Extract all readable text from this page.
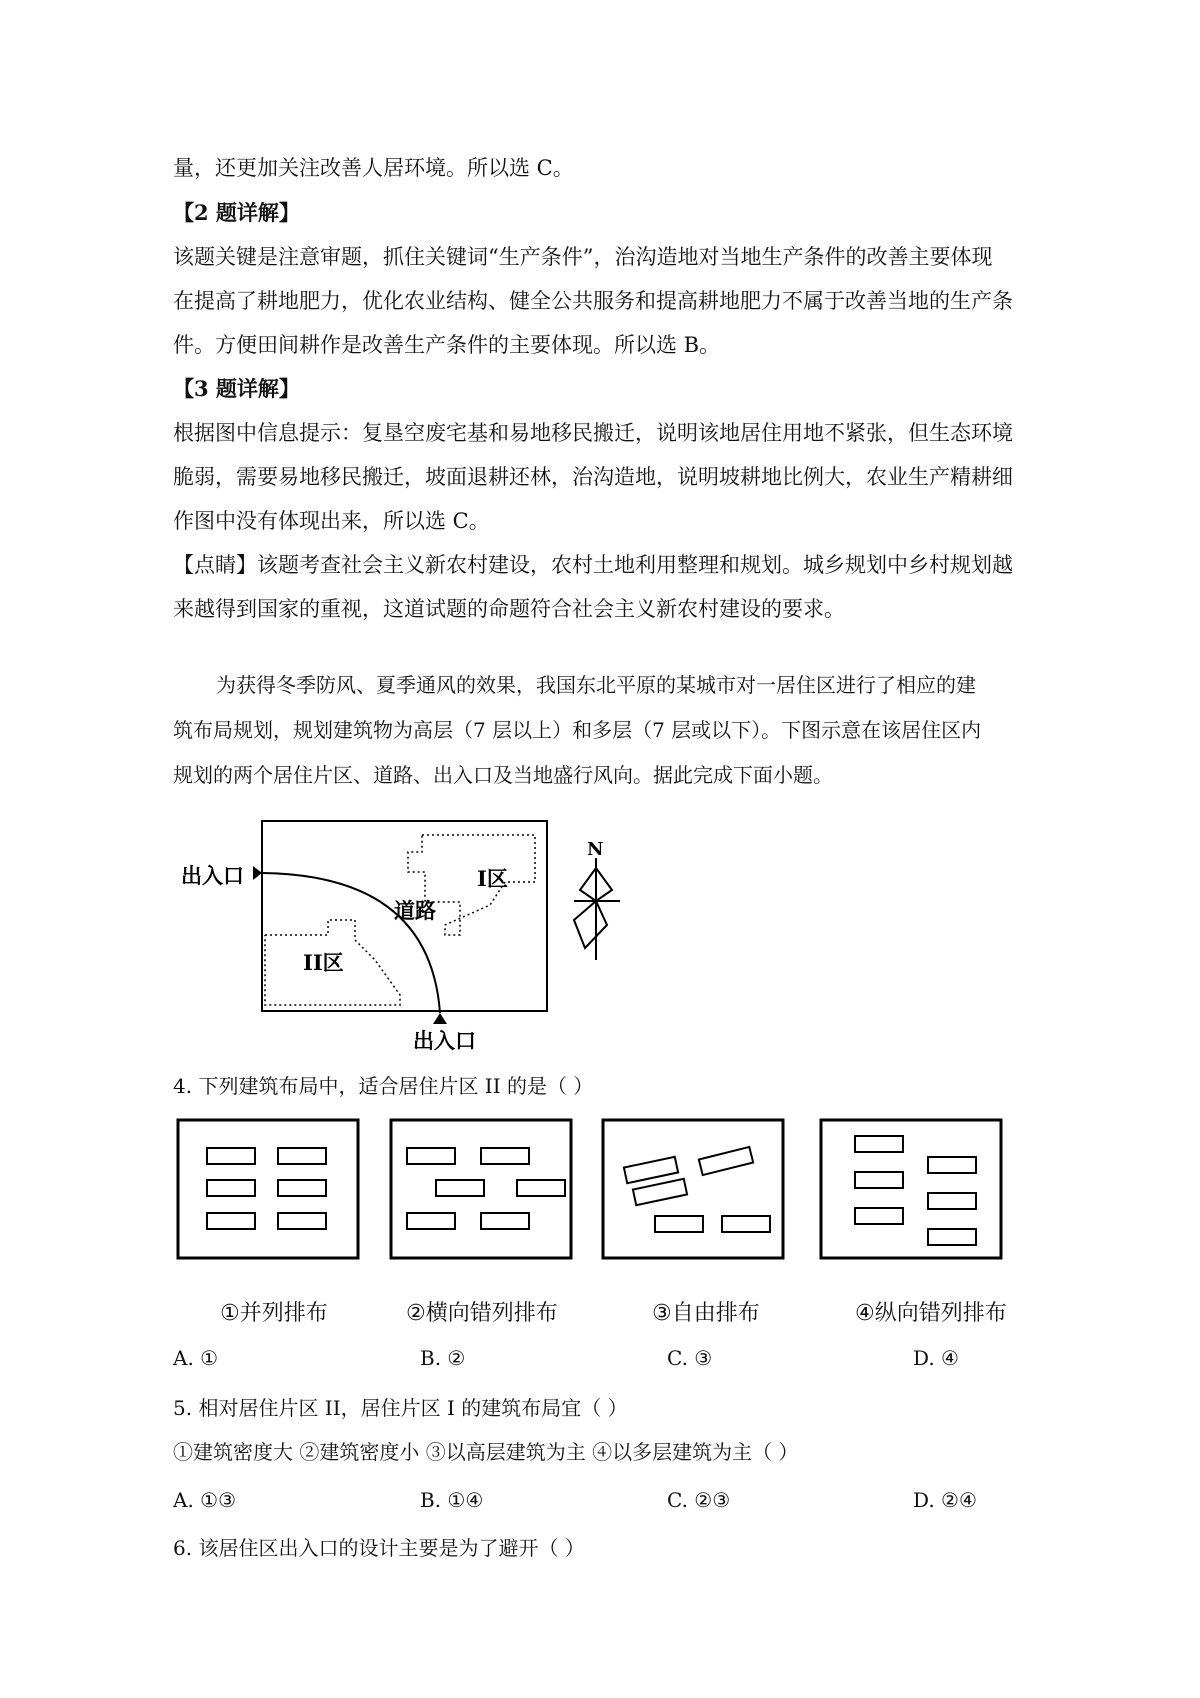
量，还更加关注改善人居环境。所以选 C。
【2 题详解】
该题关键是注意审题，抓住关键词“生产条件”，治沟造地对当地生产条件的改善主要体现
在提高了耕地肥力，优化农业结构、健全公共服务和提高耕地肥力不属于改善当地的生产条
件。方便田间耕作是改善生产条件的主要体现。所以选 B。
【3 题详解】
根据图中信息提示：复垦空废宅基和易地移民搬迁，说明该地居住用地不紧张，但生态环境
脆弱，需要易地移民搬迁，坡面退耕还林，治沟造地，说明坡耕地比例大，农业生产精耕细
作图中没有体现出来，所以选 C。
【点睛】该题考查社会主义新农村建设，农村土地利用整理和规划。城乡规划中乡村规划越
来越得到国家的重视，这道试题的命题符合社会主义新农村建设的要求。
为获得冬季防风、夏季通风的效果，我国东北平原的某城市对一居住区进行了相应的建
筑布局规划，规划建筑物为高层（7 层以上）和多层（7 层或以下）。下图示意在该居住区内
规划的两个居住片区、道路、出入口及当地盛行风向。据此完成下面小题。
出入口
出入口
I区
II区
道路
N
4. 下列建筑布局中，适合居住片区 II 的是（ ）
①并列排布	②横向错列排布	③自由排布	④纵向错列排布
A. ①	B. ②	C. ③	D. ④
5. 相对居住片区 II，居住片区 I 的建筑布局宜（ ）
①建筑密度大 ②建筑密度小 ③以高层建筑为主 ④以多层建筑为主（ ）
A. ①③	B. ①④	C. ②③	D. ②④
6. 该居住区出入口的设计主要是为了避开（ ）
